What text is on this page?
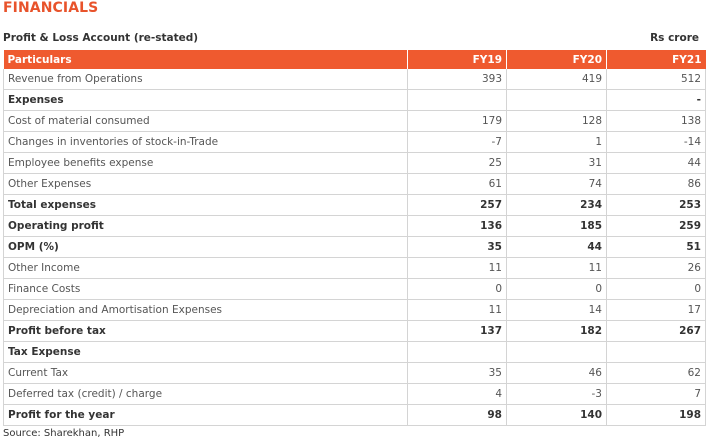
FINANCIALS
Profit & Loss Account (re-stated)	Rs crore
Particulars	FY19	FY20	FY21
Revenue from Operations	393	419	512
Expenses			-
Cost of material consumed	179	128	138
Changes in inventories of stock-in-Trade	-7	1	-14
Employee benefits expense	25	31	44
Other Expenses	61	74	86
Total expenses	257	234	253
Operating profit	136	185	259
OPM (%)	35	44	51
Other Income	11	11	26
Finance Costs	0	0	0
Depreciation and Amortisation Expenses	11	14	17
Profit before tax	137	182	267
Tax Expense			
Current Tax	35	46	62
Deferred tax (credit) / charge	4	-3	7
Profit for the year	98	140	198
Source: Sharekhan, RHP
